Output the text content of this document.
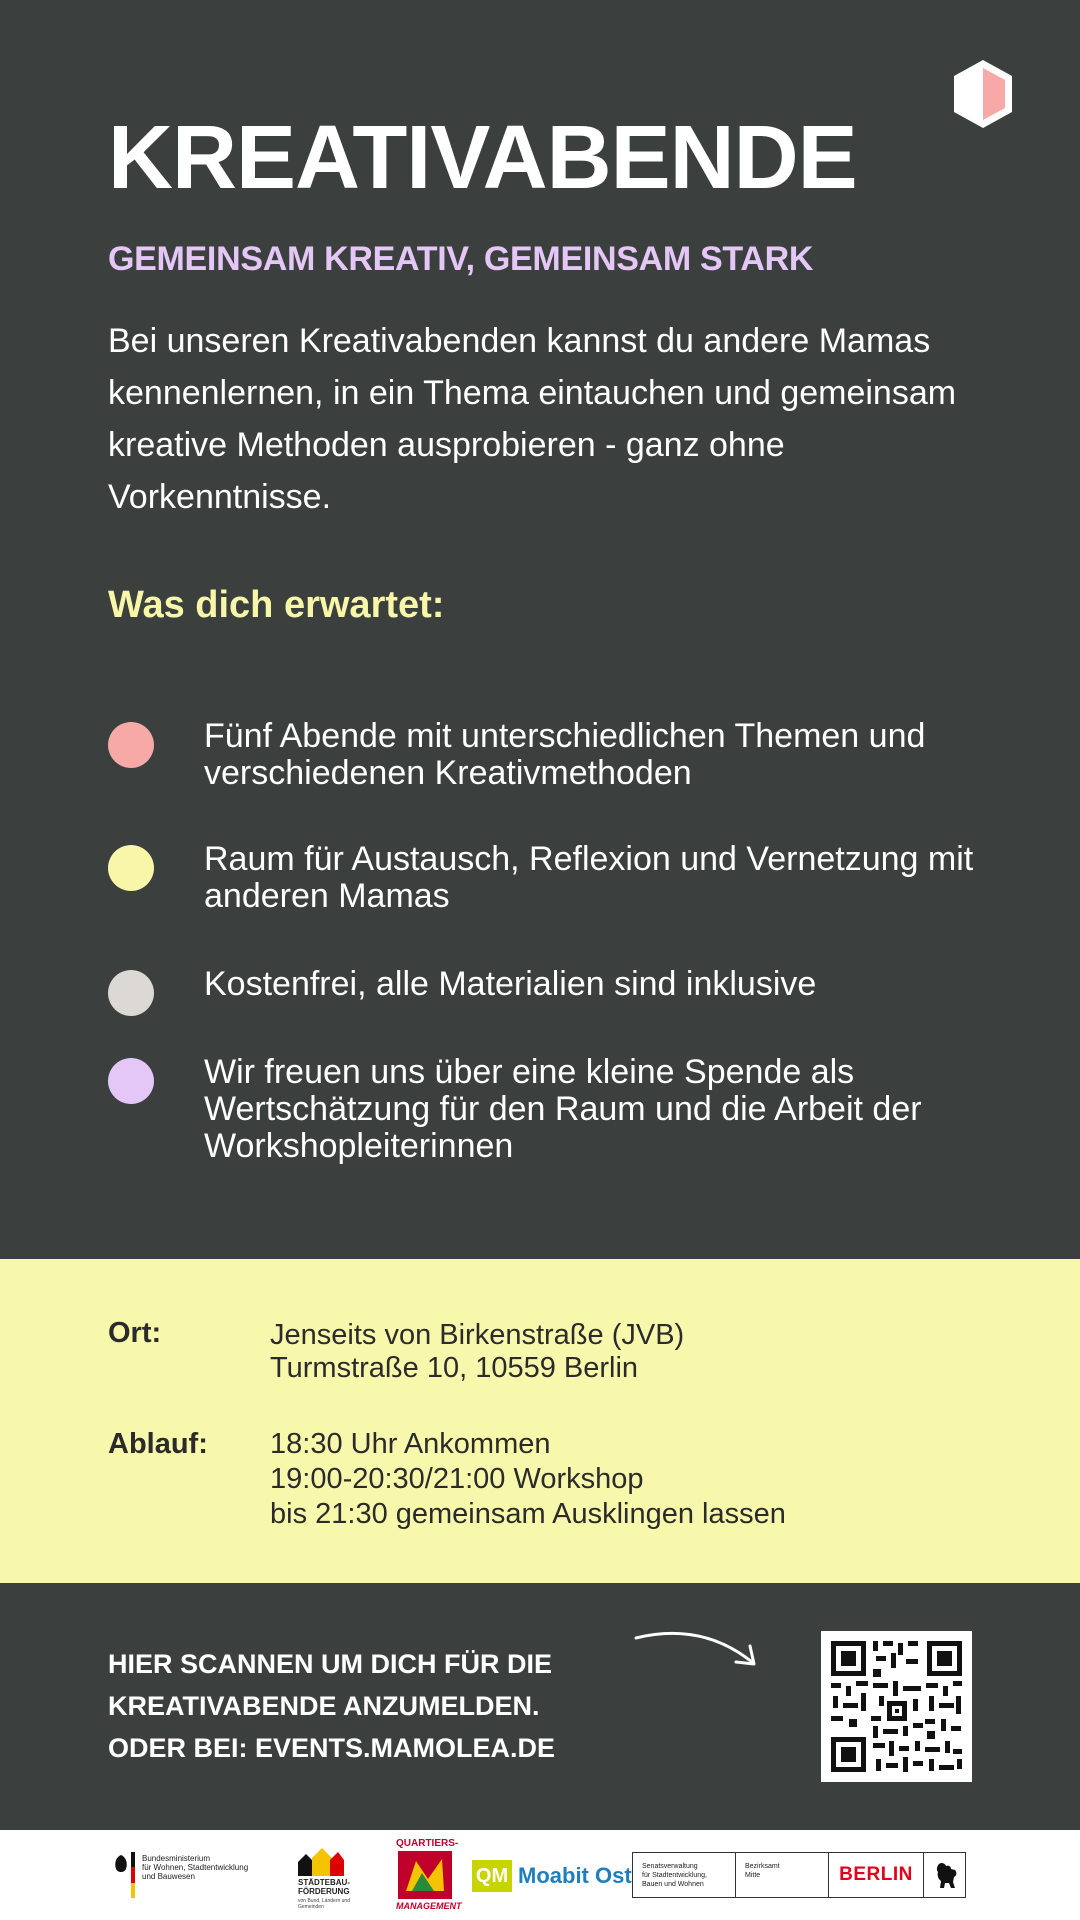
KREATIVABENDE
GEMEINSAM KREATIV, GEMEINSAM STARK
Bei unseren Kreativabenden kannst du andere Mamas kennenlernen, in ein Thema eintauchen und gemeinsam kreative Methoden ausprobieren - ganz ohne Vorkenntnisse.
Was dich erwartet:
Fünf Abende mit unterschiedlichen Themen und verschiedenen Kreativmethoden
Raum für Austausch, Reflexion und Vernetzung mit anderen Mamas
Kostenfrei, alle Materialien sind inklusive
Wir freuen uns über eine kleine Spende als Wertschätzung für den Raum und die Arbeit der Workshopleiterinnen
Ort:	Jenseits von Birkenstraße (JVB)
Turmstraße 10, 10559 Berlin
Ablauf: 18:30 Uhr Ankommen
19:00-20:30/21:00 Workshop
bis 21:30 gemeinsam Ausklingen lassen
HIER SCANNEN UM DICH FÜR DIE
KREATIVABENDE ANZUMELDEN.
ODER BEI: EVENTS.MAMOLEA.DE
Bundesministerium
für Wohnen, Stadtentwicklung
und Bauwesen
STÄDTEBAU-
FÖRDERUNG
von Bund, Ländern und
Gemeinden
QUARTIERS-
MANAGEMENT
QM Moabit Ost Senatsverwaltung
für Stadtentwicklung,
Bauen und Wohnen
Bezirksamt
Mitte	BERLIN
